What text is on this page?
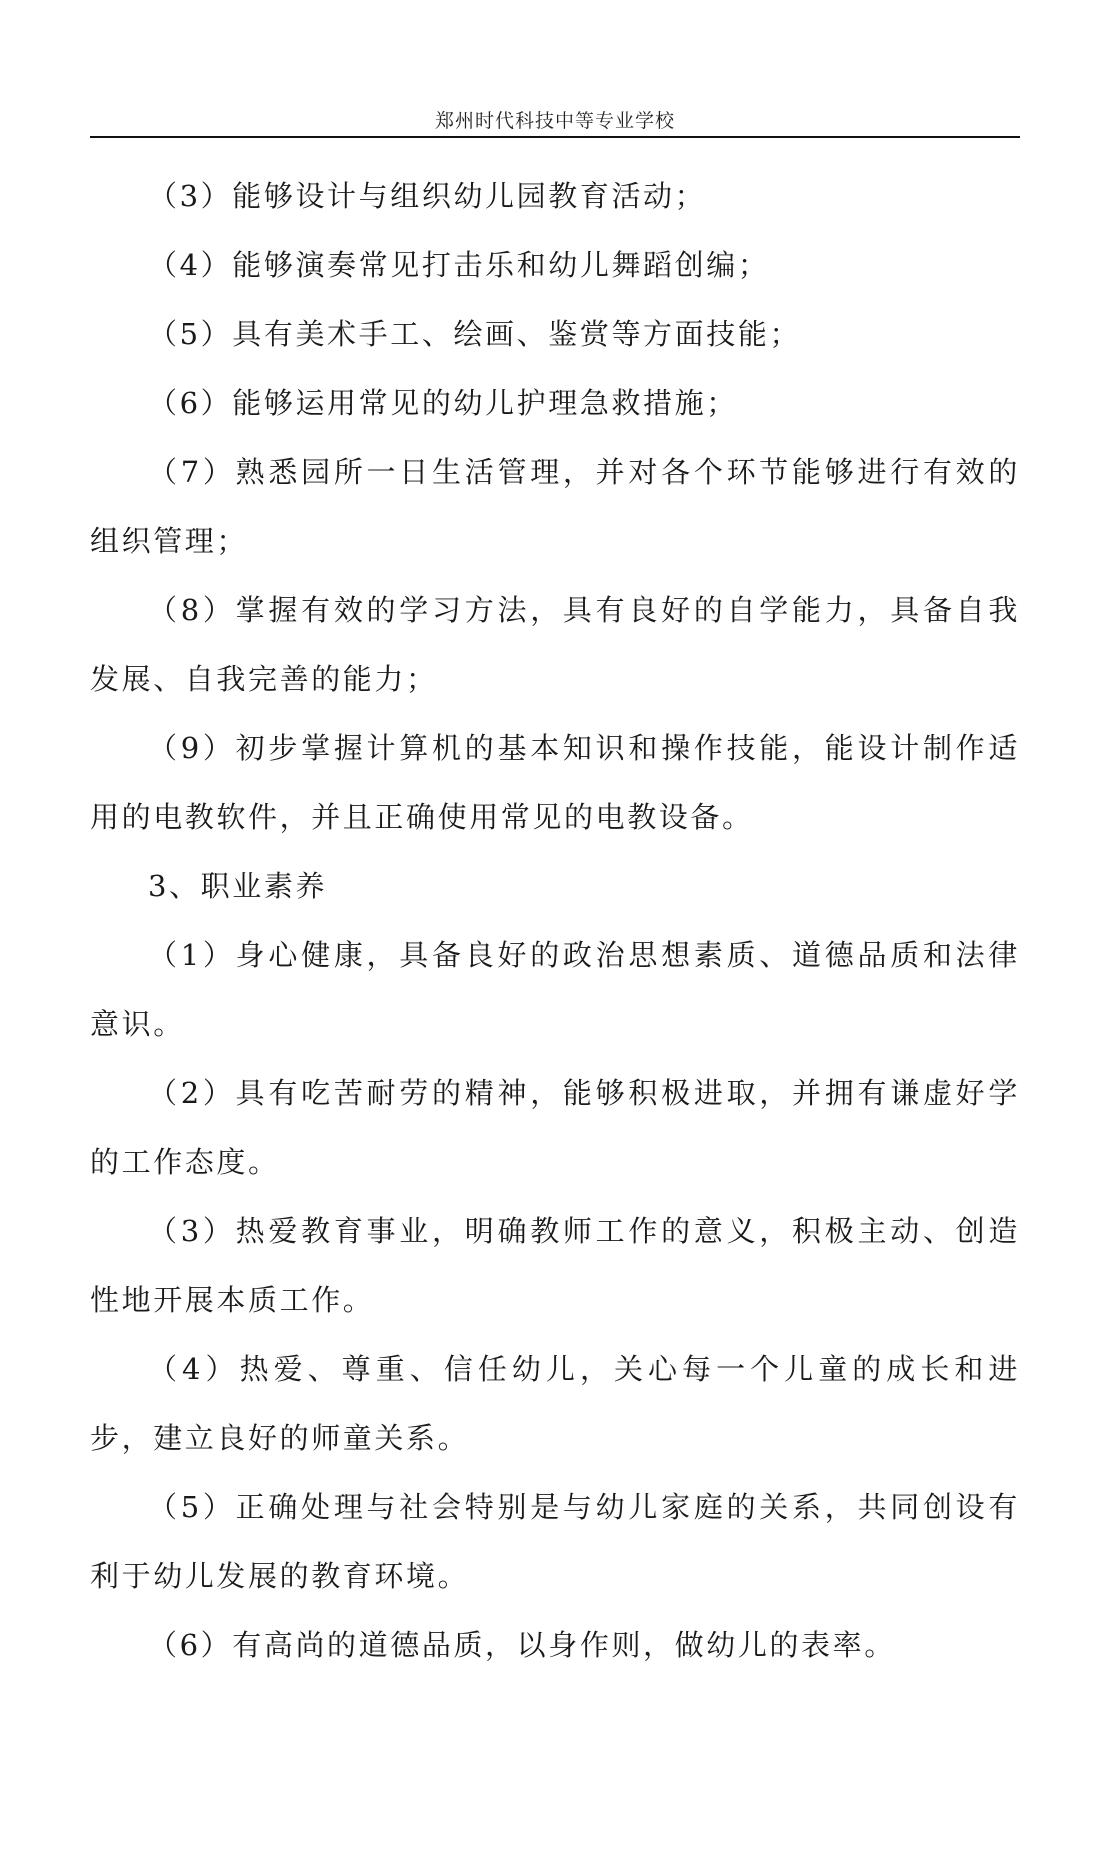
郑州时代科技中等专业学校

（3）能够设计与组织幼儿园教育活动；

（4）能够演奏常见打击乐和幼儿舞蹈创编；

（5）具有美术手工、绘画、鉴赏等方面技能；

（6）能够运用常见的幼儿护理急救措施；

（7）熟悉园所一日生活管理，并对各个环节能够进行有效的组织管理；

（8）掌握有效的学习方法，具有良好的自学能力，具备自我发展、自我完善的能力；

（9）初步掌握计算机的基本知识和操作技能，能设计制作适用的电教软件，并且正确使用常见的电教设备。

3、职业素养

（1）身心健康，具备良好的政治思想素质、道德品质和法律意识。

（2）具有吃苦耐劳的精神，能够积极进取，并拥有谦虚好学的工作态度。

（3）热爱教育事业，明确教师工作的意义，积极主动、创造性地开展本质工作。

（4）热爱、尊重、信任幼儿，关心每一个儿童的成长和进步，建立良好的师童关系。

（5）正确处理与社会特别是与幼儿家庭的关系，共同创设有利于幼儿发展的教育环境。

（6）有高尚的道德品质，以身作则，做幼儿的表率。
